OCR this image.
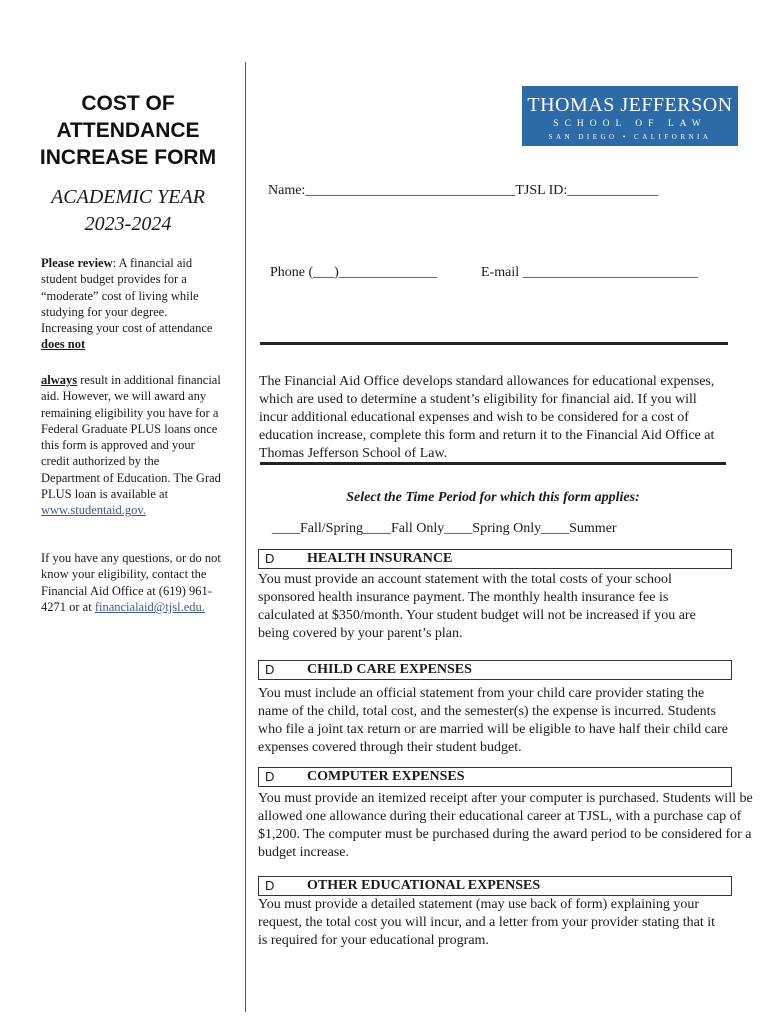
COST OF
ATTENDANCE
INCREASE FORM
ACADEMIC YEAR
2023-2024
Please review: A financial aid student budget provides for a “moderate” cost of living while studying for your degree. Increasing your cost of attendance does not
always result in additional financial aid. However, we will award any remaining eligibility you have for a Federal Graduate PLUS loans once this form is approved and your credit authorized by the Department of Education. The Grad PLUS loan is available at www.studentaid.gov.
If you have any questions, or do not know your eligibility, contact the Financial Aid Office at (619) 961-4271 or at financialaid@tjsl.edu.
THOMAS JEFFERSON
SCHOOL OF LAW
SAN DIEGO • CALIFORNIA
Name:______________________________TJSL ID:_____________
Phone (___)______________	E-mail _________________________
The Financial Aid Office develops standard allowances for educational expenses, which are used to determine a student’s eligibility for financial aid. If you will incur additional educational expenses and wish to be considered for a cost of education increase, complete this form and return it to the Financial Aid Office at Thomas Jefferson School of Law.
Select the Time Period for which this form applies:
____Fall/Spring____Fall Only____Spring Only____Summer
D HEALTH INSURANCE
You must provide an account statement with the total costs of your school sponsored health insurance payment. The monthly health insurance fee is calculated at $350/month. Your student budget will not be increased if you are being covered by your parent’s plan.
D CHILD CARE EXPENSES
You must include an official statement from your child care provider stating the name of the child, total cost, and the semester(s) the expense is incurred. Students who file a joint tax return or are married will be eligible to have half their child care expenses covered through their student budget.
D COMPUTER EXPENSES
You must provide an itemized receipt after your computer is purchased. Students will be allowed one allowance during their educational career at TJSL, with a purchase cap of $1,200. The computer must be purchased during the award period to be considered for a budget increase.
D OTHER EDUCATIONAL EXPENSES
You must provide a detailed statement (may use back of form) explaining your request, the total cost you will incur, and a letter from your provider stating that it is required for your educational program.
